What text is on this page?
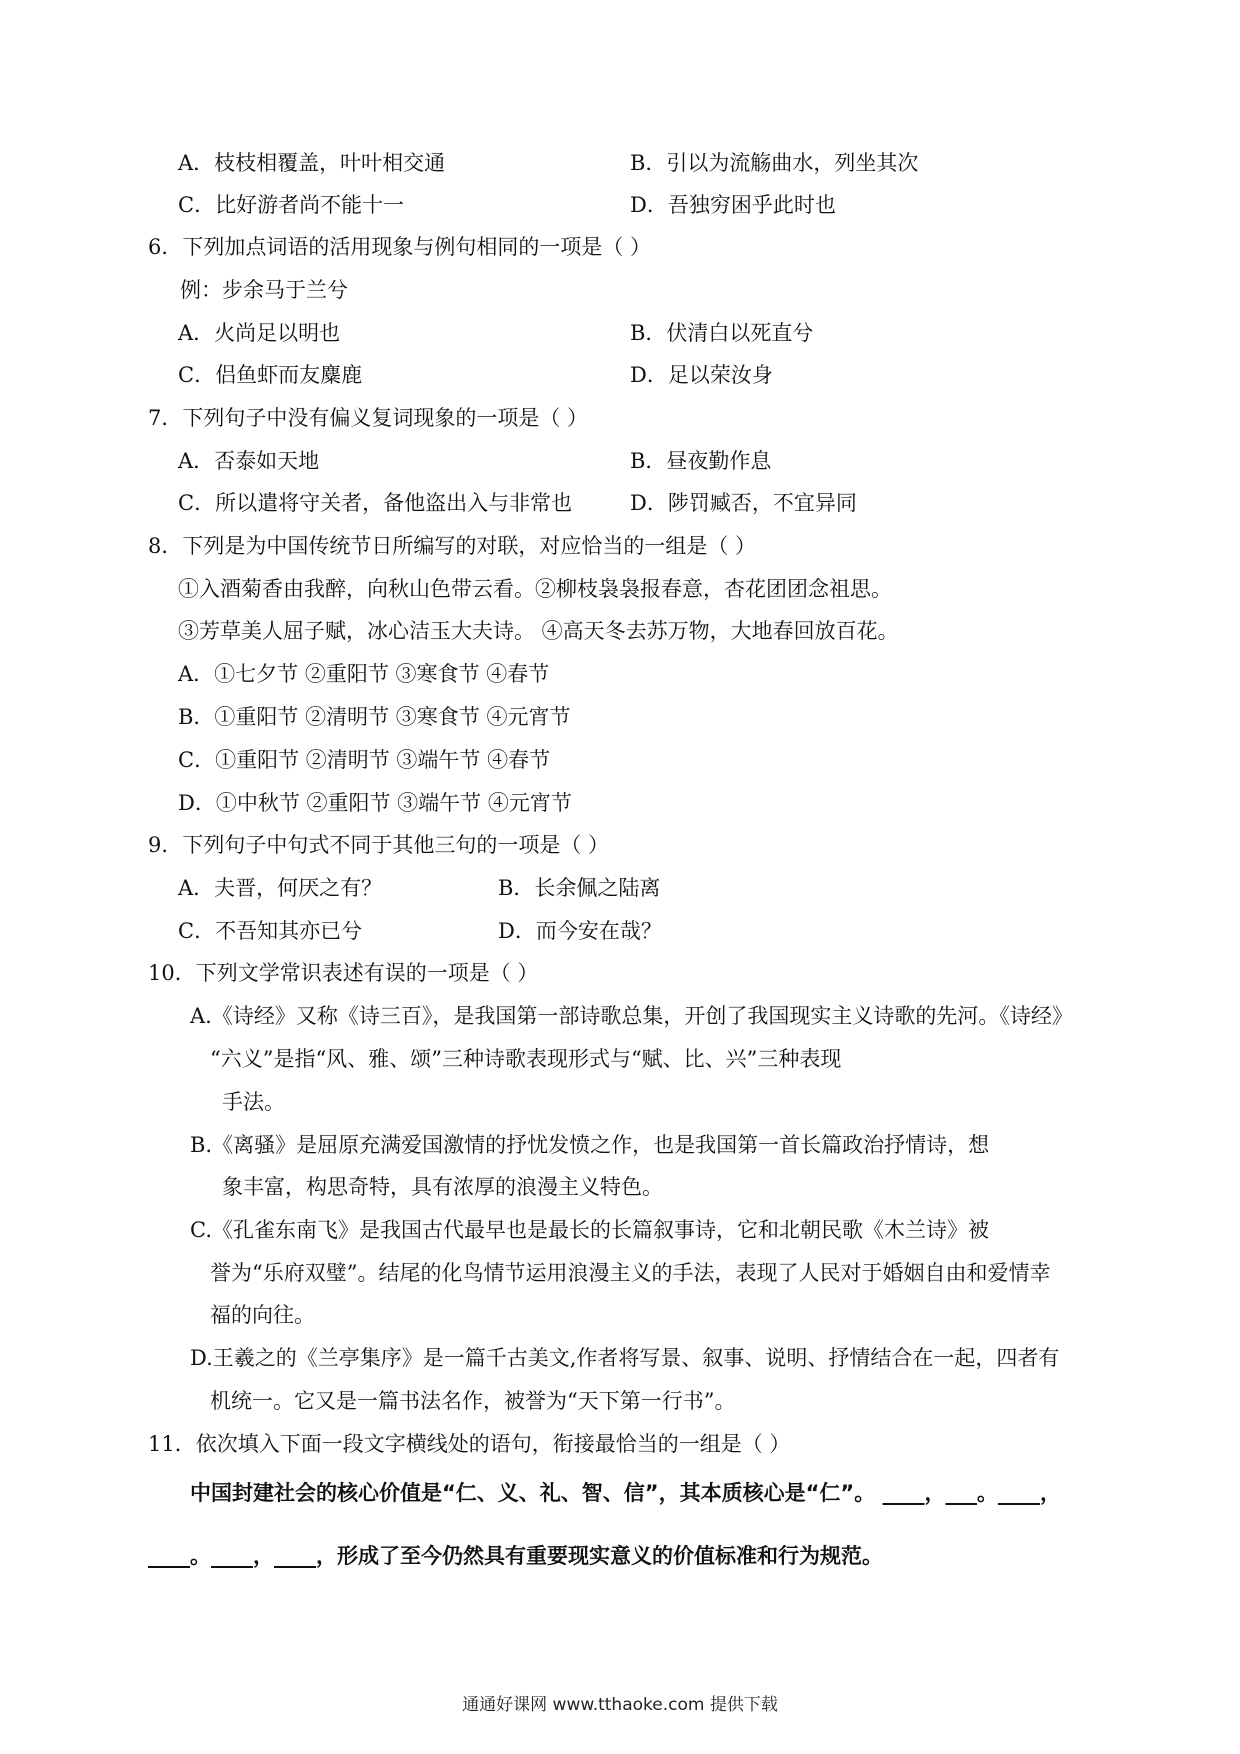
A．枝枝相覆盖，叶叶相交通	B．引以为流觞曲水，列坐其次
C．比好游者尚不能十一	D．吾独穷困乎此时也
6．下列加点词语的活用现象与例句相同的一项是（ ）
例：步余马于兰兮
A．火尚足以明也	B．伏清白以死直兮
C．侣鱼虾而友麋鹿	D．足以荣汝身
7．下列句子中没有偏义复词现象的一项是（ ）
A．否泰如天地	B．昼夜勤作息
C．所以遣将守关者，备他盗出入与非常也	D．陟罚臧否，不宜异同
8．下列是为中国传统节日所编写的对联，对应恰当的一组是（ ）
①入酒菊香由我醉，向秋山色带云看。②柳枝袅袅报春意，杏花团团念祖思。
③芳草美人屈子赋，冰心洁玉大夫诗。 ④高天冬去苏万物，大地春回放百花。
A．①七夕节 ②重阳节 ③寒食节 ④春节
B．①重阳节 ②清明节 ③寒食节 ④元宵节
C．①重阳节 ②清明节 ③端午节 ④春节
D．①中秋节 ②重阳节 ③端午节 ④元宵节
9．下列句子中句式不同于其他三句的一项是（ ）
A．夫晋，何厌之有？	B．长余佩之陆离
C．不吾知其亦已兮	D．而今安在哉？
10．下列文学常识表述有误的一项是（ ）
A.《诗经》又称《诗三百》，是我国第一部诗歌总集，开创了我国现实主义诗歌的先河。《诗经》
“六义”是指“风、雅、颂”三种诗歌表现形式与“赋、比、兴”三种表现
手法。
B.《离骚》是屈原充满爱国激情的抒忧发愤之作，也是我国第一首长篇政治抒情诗，想
象丰富，构思奇特，具有浓厚的浪漫主义特色。
C.《孔雀东南飞》是我国古代最早也是最长的长篇叙事诗，它和北朝民歌《木兰诗》被
誉为“乐府双璧”。结尾的化鸟情节运用浪漫主义的手法，表现了人民对于婚姻自由和爱情幸
福的向往。
D.王羲之的《兰亭集序》是一篇千古美文,作者将写景、叙事、说明、抒情结合在一起，四者有
机统一。它又是一篇书法名作，被誉为“天下第一行书”。
11．依次填入下面一段文字横线处的语句，衔接最恰当的一组是（ ）
中国封建社会的核心价值是“仁、义、礼、智、信”，其本质核心是“仁”。 ____，___。____，
____。____，____，形成了至今仍然具有重要现实意义的价值标准和行为规范。
通通好课网 www.tthaoke.com 提供下载
